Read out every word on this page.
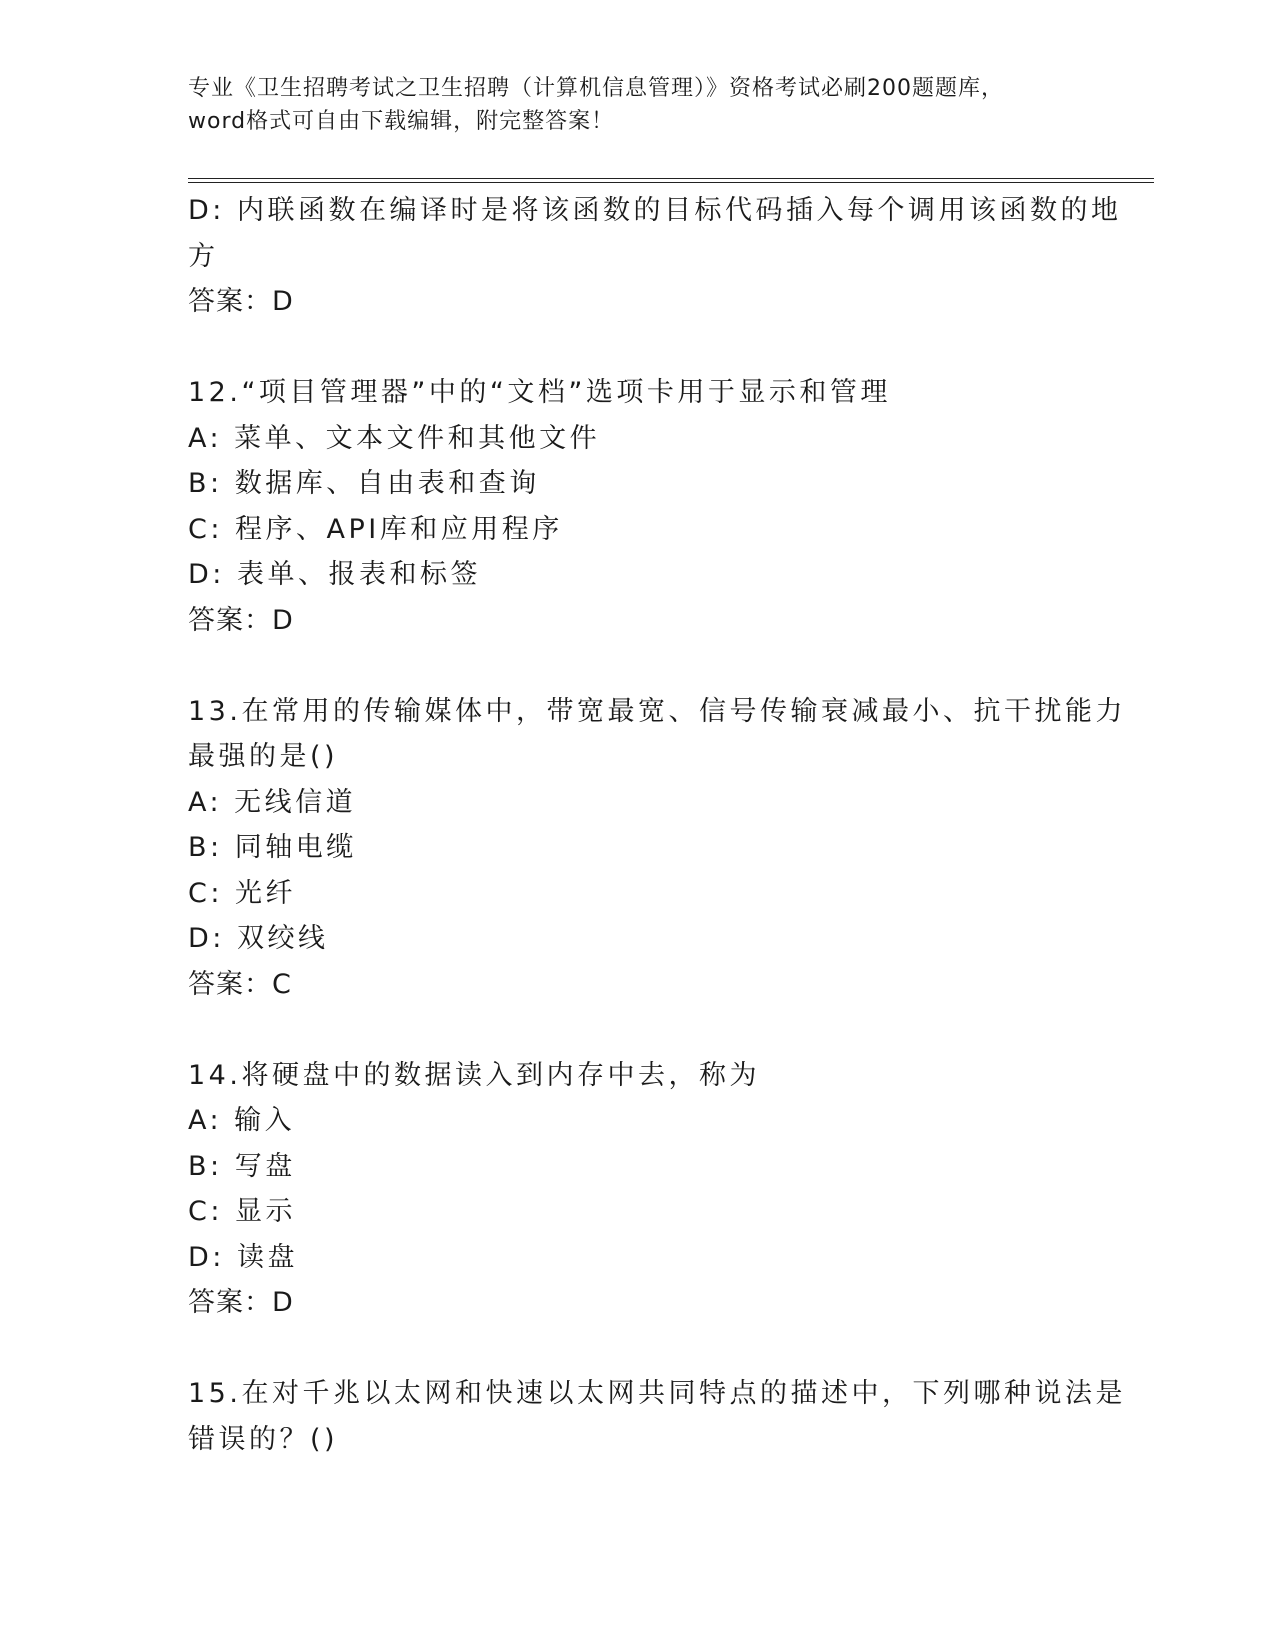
专业《卫生招聘考试之卫生招聘（计算机信息管理）》资格考试必刷200题题库，
word格式可自由下载编辑，附完整答案！
D: 内联函数在编译时是将该函数的目标代码插入每个调用该函数的地
方
答案：D
12.“项目管理器”中的“文档”选项卡用于显示和管理
A: 菜单、文本文件和其他文件
B: 数据库、自由表和查询
C: 程序、API库和应用程序
D: 表单、报表和标签
答案：D
13.在常用的传输媒体中，带宽最宽、信号传输衰减最小、抗干扰能力
最强的是()
A: 无线信道
B: 同轴电缆
C: 光纤
D: 双绞线
答案：C
14.将硬盘中的数据读入到内存中去，称为
A: 输入
B: 写盘
C: 显示
D: 读盘
答案：D
15.在对千兆以太网和快速以太网共同特点的描述中，下列哪种说法是
错误的？()
